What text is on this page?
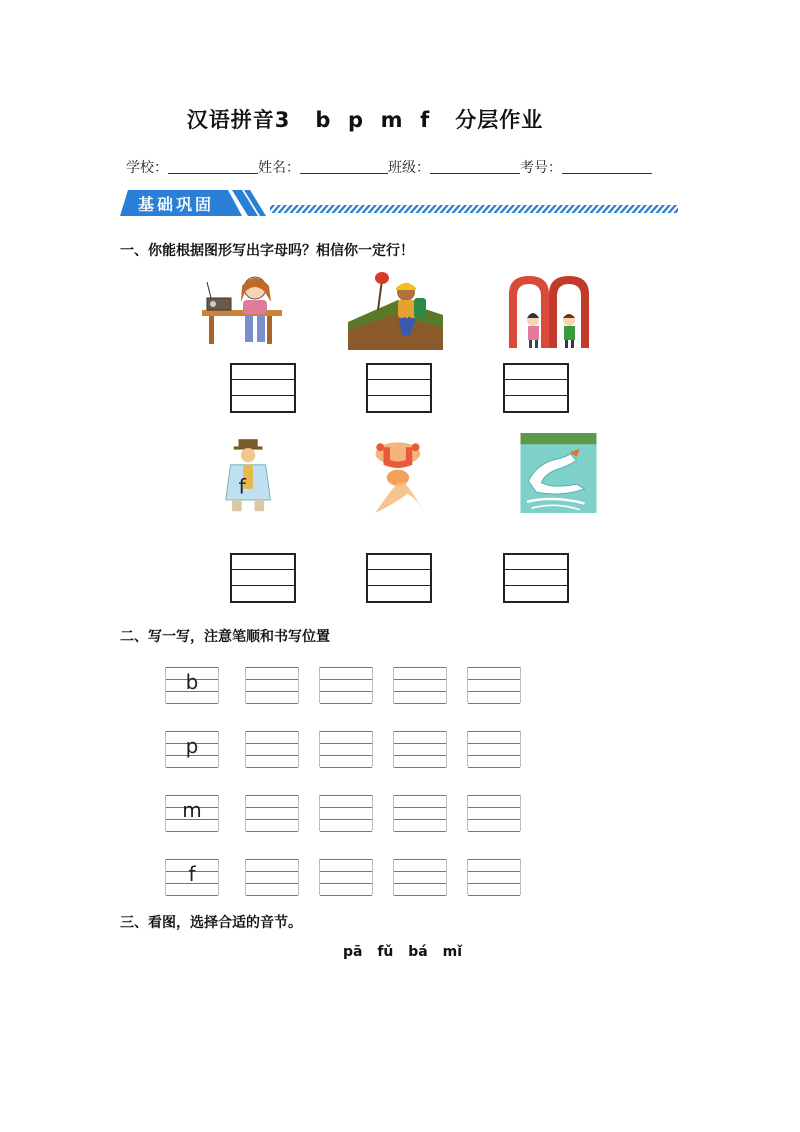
汉语拼音3   b  p  m  f   分层作业
学校：	姓名：	班级：	考号：
基础巩固
一、你能根据图形写出字母吗？相信你一定行！
f
二、写一写，注意笔顺和书写位置
b
p
m
f
三、看图，选择合适的音节。
pā fǔ bá mǐ
